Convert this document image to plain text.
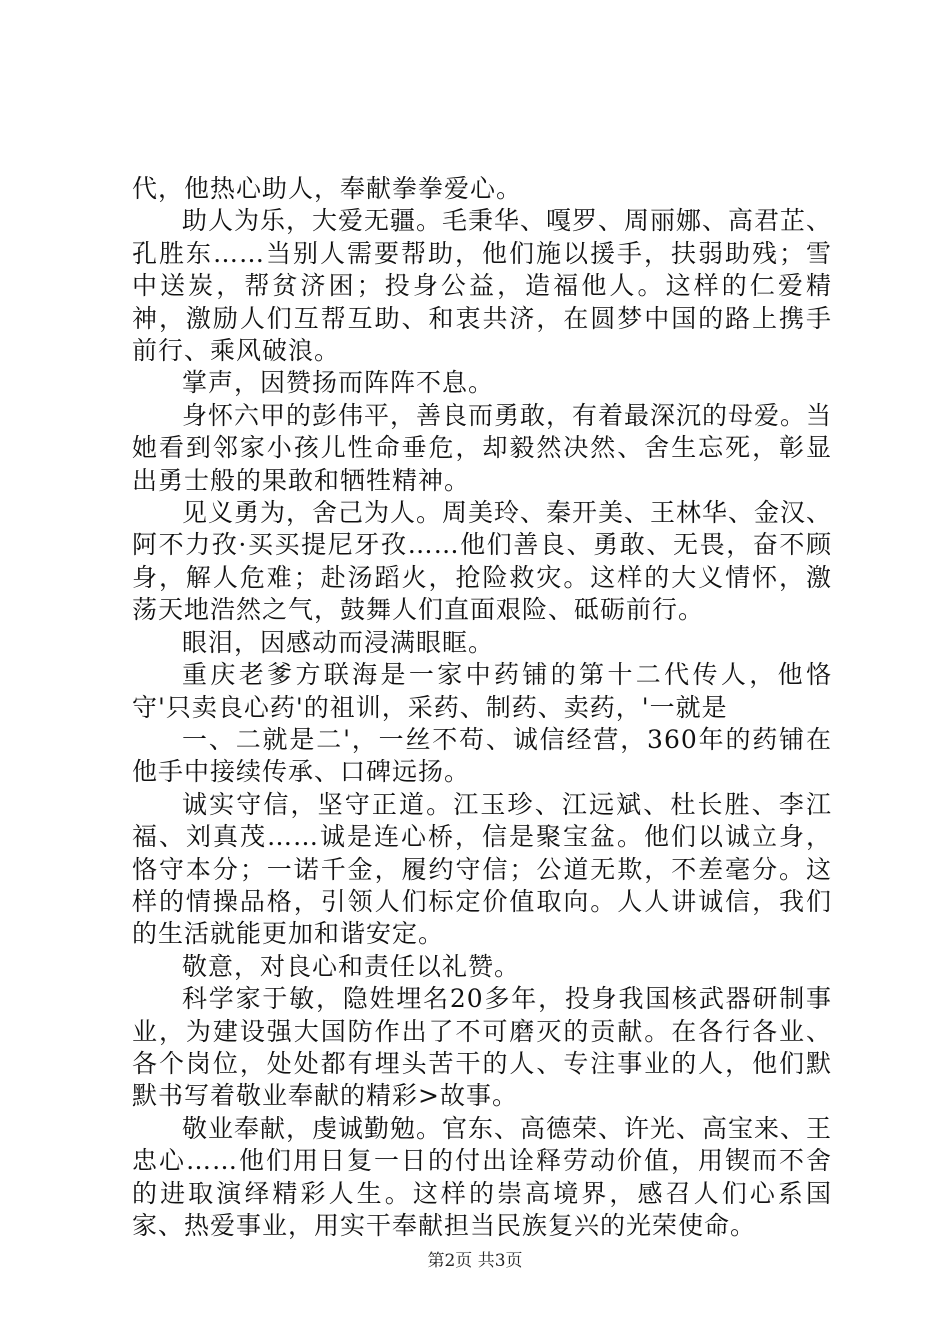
代，他热心助人，奉献拳拳爱心。

助人为乐，大爱无疆。毛秉华、嘎罗、周丽娜、高君芷、孔胜东……当别人需要帮助，他们施以援手，扶弱助残；雪中送炭，帮贫济困；投身公益，造福他人。这样的仁爱精神，激励人们互帮互助、和衷共济，在圆梦中国的路上携手前行、乘风破浪。

掌声，因赞扬而阵阵不息。

身怀六甲的彭伟平，善良而勇敢，有着最深沉的母爱。当她看到邻家小孩儿性命垂危，却毅然决然、舍生忘死，彰显出勇士般的果敢和牺牲精神。

见义勇为，舍己为人。周美玲、秦开美、王林华、金汉、阿不力孜·买买提尼牙孜……他们善良、勇敢、无畏，奋不顾身，解人危难；赴汤蹈火，抢险救灾。这样的大义情怀，激荡天地浩然之气，鼓舞人们直面艰险、砥砺前行。

眼泪，因感动而浸满眼眶。

重庆老爹方联海是一家中药铺的第十二代传人，他恪守'只卖良心药'的祖训，采药、制药、卖药，'一就是

一、二就是二'，一丝不苟、诚信经营，360年的药铺在他手中接续传承、口碑远扬。

诚实守信，坚守正道。江玉珍、江远斌、杜长胜、李江福、刘真茂……诚是连心桥，信是聚宝盆。他们以诚立身，恪守本分；一诺千金，履约守信；公道无欺，不差毫分。这样的情操品格，引领人们标定价值取向。人人讲诚信，我们的生活就能更加和谐安定。

敬意，对良心和责任以礼赞。

科学家于敏，隐姓埋名20多年，投身我国核武器研制事业，为建设强大国防作出了不可磨灭的贡献。在各行各业、各个岗位，处处都有埋头苦干的人、专注事业的人，他们默默书写着敬业奉献的精彩>故事。

敬业奉献，虔诚勤勉。官东、高德荣、许光、高宝来、王忠心……他们用日复一日的付出诠释劳动价值，用锲而不舍的进取演绎精彩人生。这样的崇高境界，感召人们心系国家、热爱事业，用实干奉献担当民族复兴的光荣使命。

第2页 共3页
